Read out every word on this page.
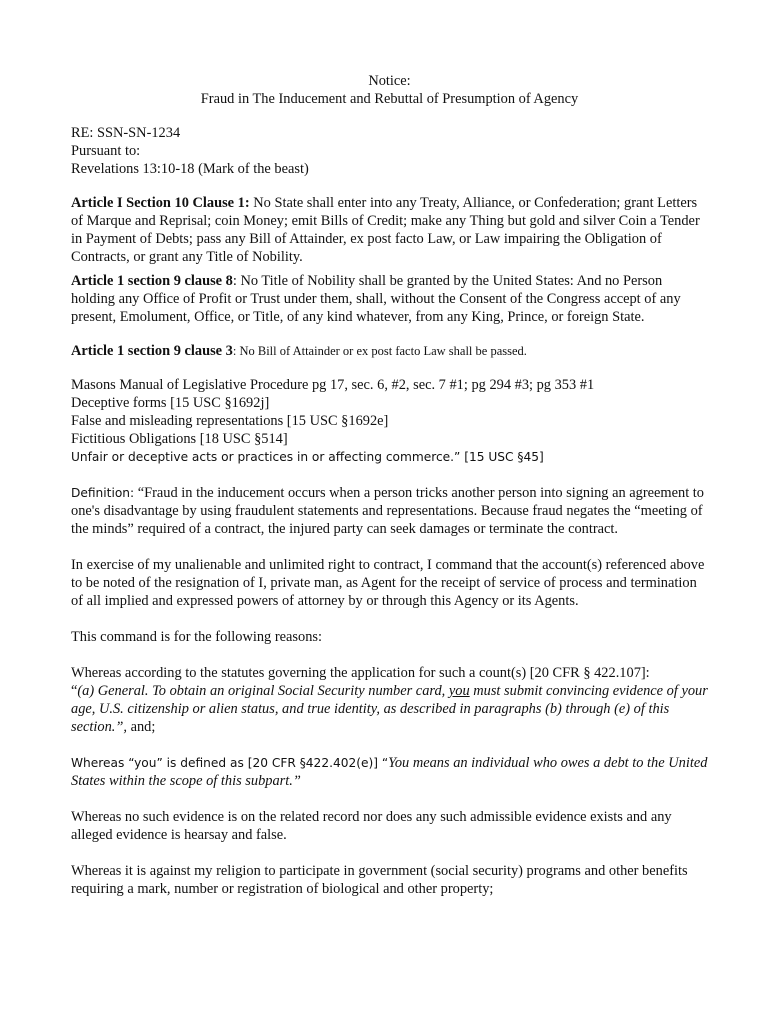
Notice:
Fraud in The Inducement and Rebuttal of Presumption of Agency
RE: SSN-SN-1234
Pursuant to:
Revelations 13:10-18 (Mark of the beast)

Article I Section 10 Clause 1: No State shall enter into any Treaty, Alliance, or Confederation; grant Letters of Marque and Reprisal; coin Money; emit Bills of Credit; make any Thing but gold and silver Coin a Tender in Payment of Debts; pass any Bill of Attainder, ex post facto Law, or Law impairing the Obligation of Contracts, or grant any Title of Nobility.

Article 1 section 9 clause 8: No Title of Nobility shall be granted by the United States: And no Person holding any Office of Profit or Trust under them, shall, without the Consent of the Congress accept of any present, Emolument, Office, or Title, of any kind whatever, from any King, Prince, or foreign State.

Article 1 section 9 clause 3: No Bill of Attainder or ex post facto Law shall be passed.

Masons Manual of Legislative Procedure pg 17, sec. 6, #2, sec. 7 #1; pg 294 #3; pg 353 #1
Deceptive forms [15 USC §1692j]
False and misleading representations [15 USC §1692e]
Fictitious Obligations [18 USC §514]
Unfair or deceptive acts or practices in or affecting commerce.” [15 USC §45]

Definition: “Fraud in the inducement occurs when a person tricks another person into signing an agreement to one's disadvantage by using fraudulent statements and representations. Because fraud negates the “meeting of the minds” required of a contract, the injured party can seek damages or terminate the contract.

In exercise of my unalienable and unlimited right to contract, I command that the account(s) referenced above to be noted of the resignation of I, private man, as Agent for the receipt of service of process and termination of all implied and expressed powers of attorney by or through this Agency or its Agents.

This command is for the following reasons:

Whereas according to the statutes governing the application for such a count(s) [20 CFR § 422.107]:
“(a) General. To obtain an original Social Security number card, you must submit convincing evidence of your age, U.S. citizenship or alien status, and true identity, as described in paragraphs (b) through (e) of this section.”, and;

Whereas “you” is defined as [20 CFR §422.402(e)] “You means an individual who owes a debt to the United States within the scope of this subpart.”

Whereas no such evidence is on the related record nor does any such admissible evidence exists and any alleged evidence is hearsay and false.

Whereas it is against my religion to participate in government (social security) programs and other benefits requiring a mark, number or registration of biological and other property;
